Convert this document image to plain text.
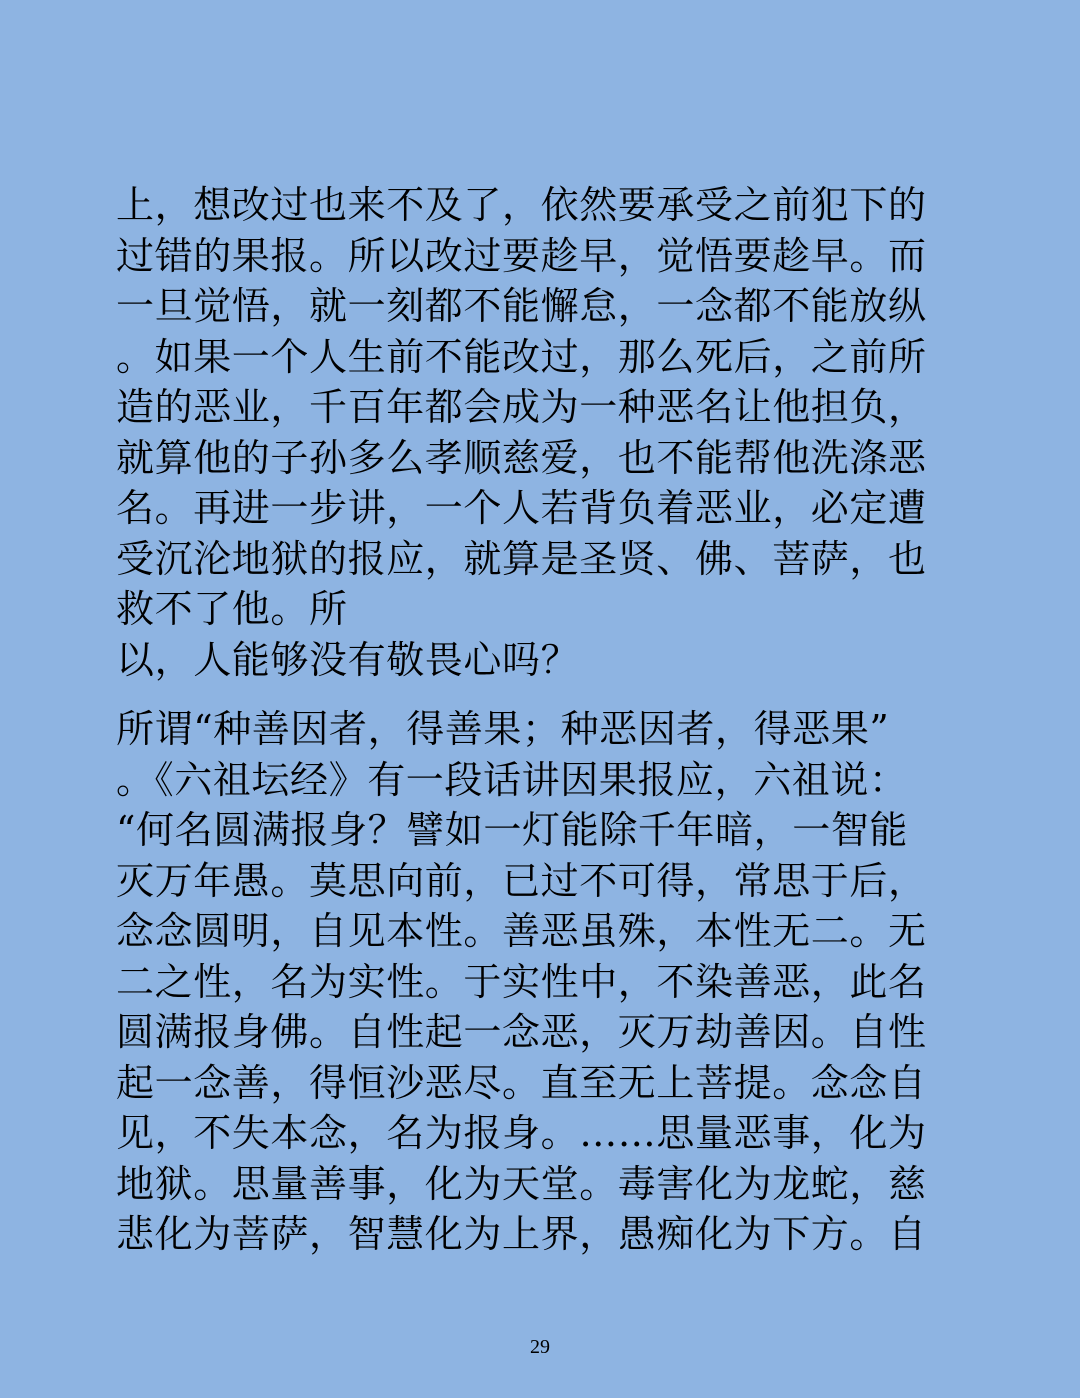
上，想改过也来不及了，依然要承受之前犯下的
过错的果报。所以改过要趁早，觉悟要趁早。而
一旦觉悟，就一刻都不能懈怠，一念都不能放纵
。如果一个人生前不能改过，那么死后，之前所
造的恶业，千百年都会成为一种恶名让他担负，
就算他的子孙多么孝顺慈爱，也不能帮他洗涤恶
名。再进一步讲，一个人若背负着恶业，必定遭
受沉沦地狱的报应，就算是圣贤、佛、菩萨，也
救不了他。所
以，人能够没有敬畏心吗？
所谓“种善因者，得善果；种恶因者，得恶果”
。《六祖坛经》有一段话讲因果报应，六祖说：
“何名圆满报身？譬如一灯能除千年暗，一智能
灭万年愚。莫思向前，已过不可得，常思于后，
念念圆明，自见本性。善恶虽殊，本性无二。无
二之性，名为实性。于实性中，不染善恶，此名
圆满报身佛。自性起一念恶，灭万劫善因。自性
起一念善，得恒沙恶尽。直至无上菩提。念念自
见，不失本念，名为报身。……思量恶事，化为
地狱。思量善事，化为天堂。毒害化为龙蛇，慈
悲化为菩萨，智慧化为上界，愚痴化为下方。自
29
